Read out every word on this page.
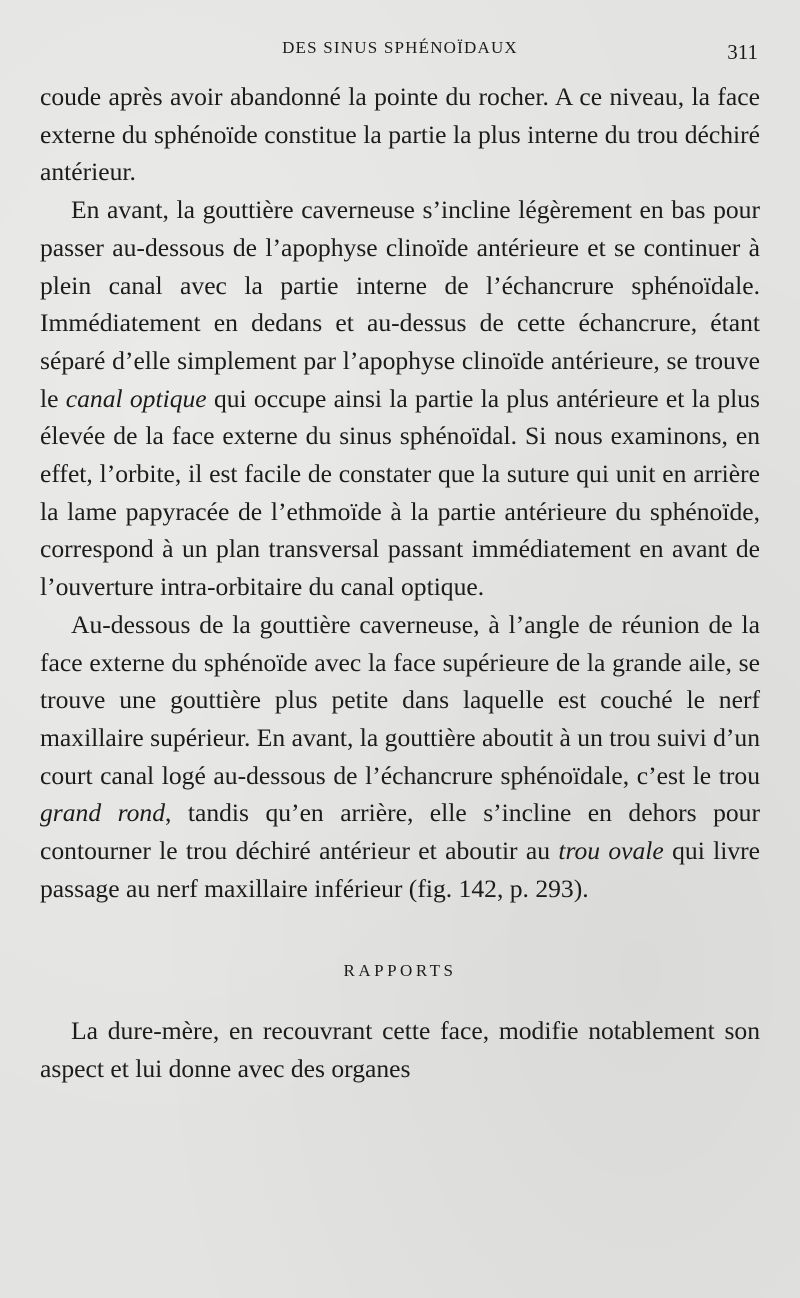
DES SINUS SPHÉNOÏDAUX	311

coude après avoir abandonné la pointe du rocher. A ce niveau, la face externe du sphénoïde constitue la partie la plus interne du trou déchiré antérieur.

En avant, la gouttière caverneuse s’incline légèrement en bas pour passer au-dessous de l’apophyse clinoïde antérieure et se continuer à plein canal avec la partie interne de l’échancrure sphénoïdale. Immédiatement en dedans et au-dessus de cette échancrure, étant séparé d’elle simplement par l’apophyse clinoïde antérieure, se trouve le canal optique qui occupe ainsi la partie la plus antérieure et la plus élevée de la face externe du sinus sphénoïdal. Si nous examinons, en effet, l’orbite, il est facile de constater que la suture qui unit en arrière la lame papyracée de l’ethmoïde à la partie antérieure du sphénoïde, correspond à un plan transversal passant immédiatement en avant de l’ouverture intra-orbitaire du canal optique.

Au-dessous de la gouttière caverneuse, à l’angle de réunion de la face externe du sphénoïde avec la face supérieure de la grande aile, se trouve une gouttière plus petite dans laquelle est couché le nerf maxillaire supérieur. En avant, la gouttière aboutit à un trou suivi d’un court canal logé au-dessous de l’échancrure sphénoïdale, c’est le trou grand rond, tandis qu’en arrière, elle s’incline en dehors pour contourner le trou déchiré antérieur et aboutir au trou ovale qui livre passage au nerf maxillaire inférieur (fig. 142, p. 293).

RAPPORTS

La dure-mère, en recouvrant cette face, modifie notablement son aspect et lui donne avec des organes
